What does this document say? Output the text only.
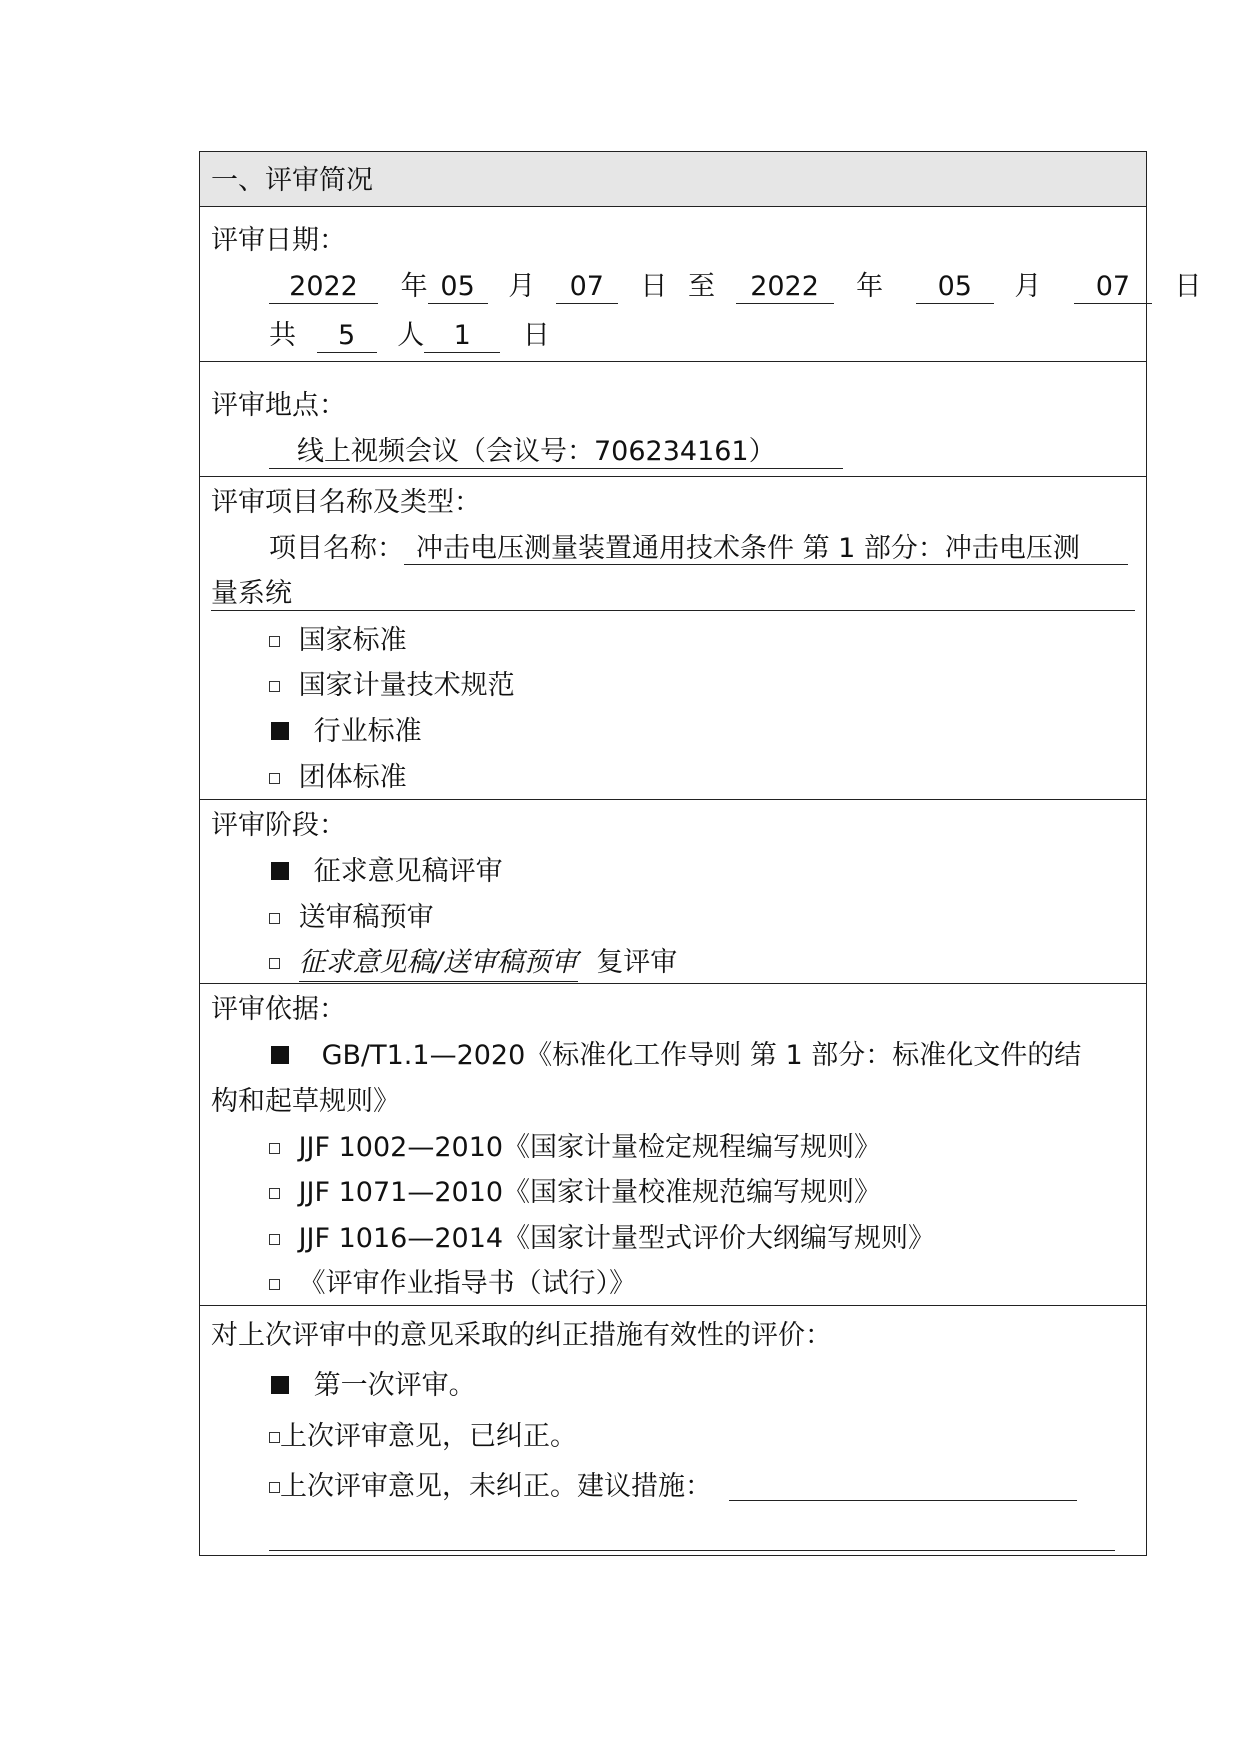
一、评审简况
评审日期：
2022 年 05 月 07 日 至 2022 年 05 月 07 日
共 5 人 1 日
评审地点：
线上视频会议（会议号：706234161）
评审项目名称及类型：
项目名称： 冲击电压测量装置通用技术条件 第 1 部分：冲击电压测
量系统
国家标准
国家计量技术规范
行业标准
团体标准
评审阶段：
征求意见稿评审
送审稿预审
征求意见稿/送审稿预审 复评审
评审依据：
GB/T1.1—2020《标准化工作导则 第 1 部分：标准化文件的结
构和起草规则》
JJF 1002—2010《国家计量检定规程编写规则》
JJF 1071—2010《国家计量校准规范编写规则》
JJF 1016—2014《国家计量型式评价大纲编写规则》
《评审作业指导书（试行）》
对上次评审中的意见采取的纠正措施有效性的评价：
第一次评审。
上次评审意见，已纠正。
上次评审意见，未纠正。建议措施：
